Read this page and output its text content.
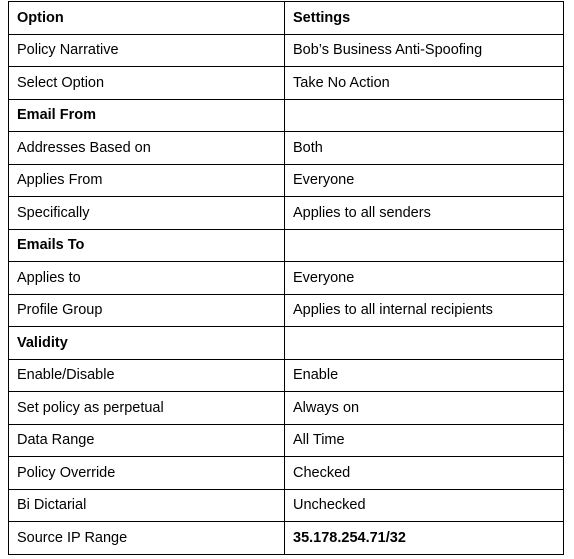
Option	Settings
Policy Narrative	Bob’s Business Anti-Spoofing
Select Option	Take No Action
Email From	
Addresses Based on	Both
Applies From	Everyone
Specifically	Applies to all senders
Emails To	
Applies to	Everyone
Profile Group	Applies to all internal recipients
Validity	
Enable/Disable	Enable
Set policy as perpetual	Always on
Data Range	All Time
Policy Override	Checked
Bi Dictarial	Unchecked
Source IP Range	35.178.254.71/32
